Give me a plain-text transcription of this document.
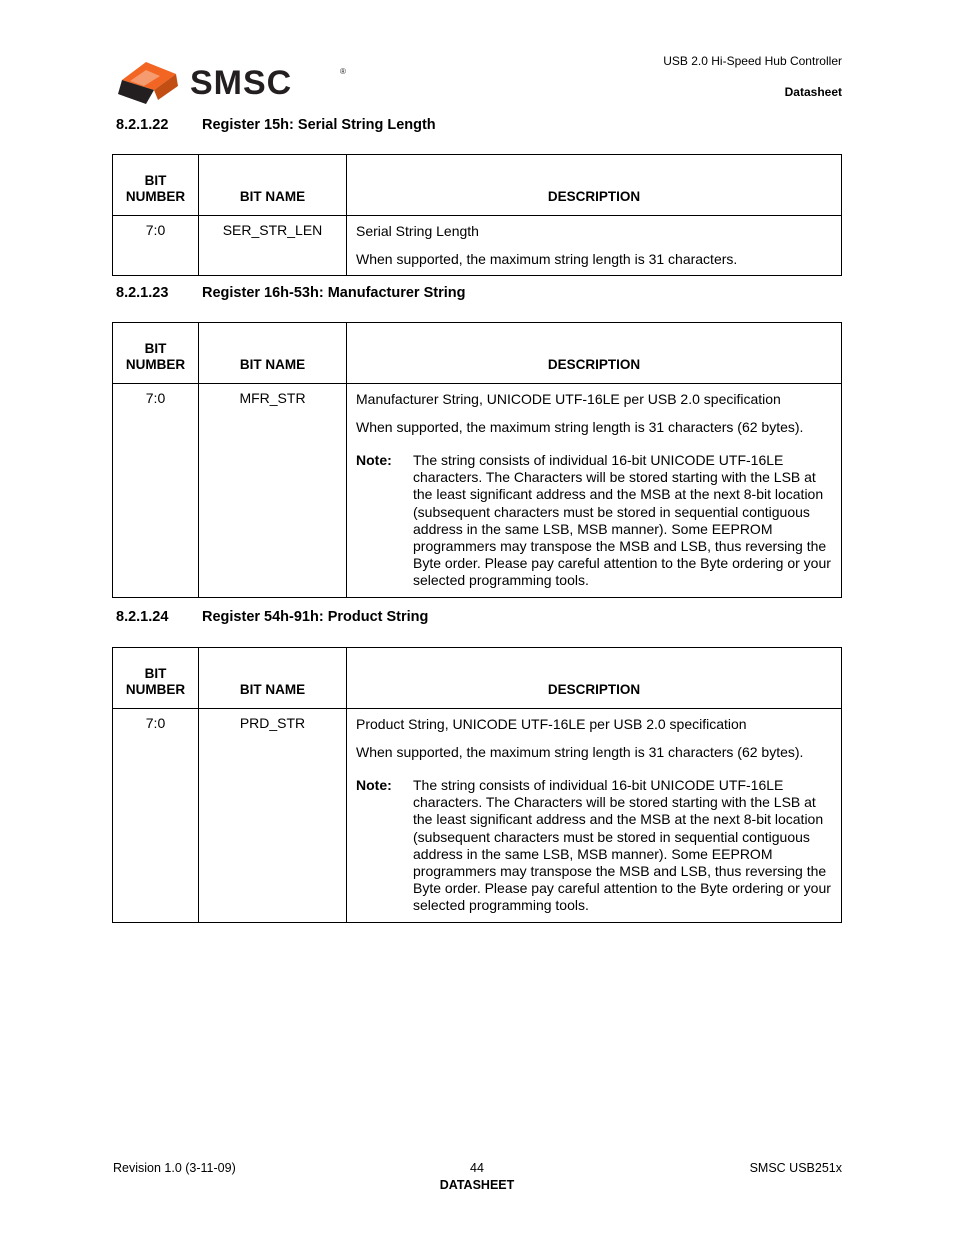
SMSC	®
USB 2.0 Hi-Speed Hub Controller
Datasheet
8.2.1.22 Register 15h: Serial String Length
BIT
NUMBER	BIT NAME	DESCRIPTION
7:0	SER_STR_LEN	Serial String Length

When supported, the maximum string length is 31 characters.

8.2.1.23 Register 16h-53h: Manufacturer String
BIT
NUMBER	BIT NAME	DESCRIPTION
7:0	MFR_STR	Manufacturer String, UNICODE UTF-16LE per USB 2.0 specification

When supported, the maximum string length is 31 characters (62 bytes).

Note: The string consists of individual 16-bit UNICODE UTF-16LE characters. The Characters will be stored starting with the LSB at the least significant address and the MSB at the next 8-bit location (subsequent characters must be stored in sequential contiguous address in the same LSB, MSB manner). Some EEPROM programmers may transpose the MSB and LSB, thus reversing the Byte order. Please pay careful attention to the Byte ordering or your selected programming tools.
8.2.1.24 Register 54h-91h: Product String
BIT
NUMBER	BIT NAME	DESCRIPTION
7:0	PRD_STR	Product String, UNICODE UTF-16LE per USB 2.0 specification

When supported, the maximum string length is 31 characters (62 bytes).

Note: The string consists of individual 16-bit UNICODE UTF-16LE characters. The Characters will be stored starting with the LSB at the least significant address and the MSB at the next 8-bit location (subsequent characters must be stored in sequential contiguous address in the same LSB, MSB manner). Some EEPROM programmers may transpose the MSB and LSB, thus reversing the Byte order. Please pay careful attention to the Byte ordering or your selected programming tools.
Revision 1.0 (3-11-09)	44
DATASHEET
SMSC USB251x
